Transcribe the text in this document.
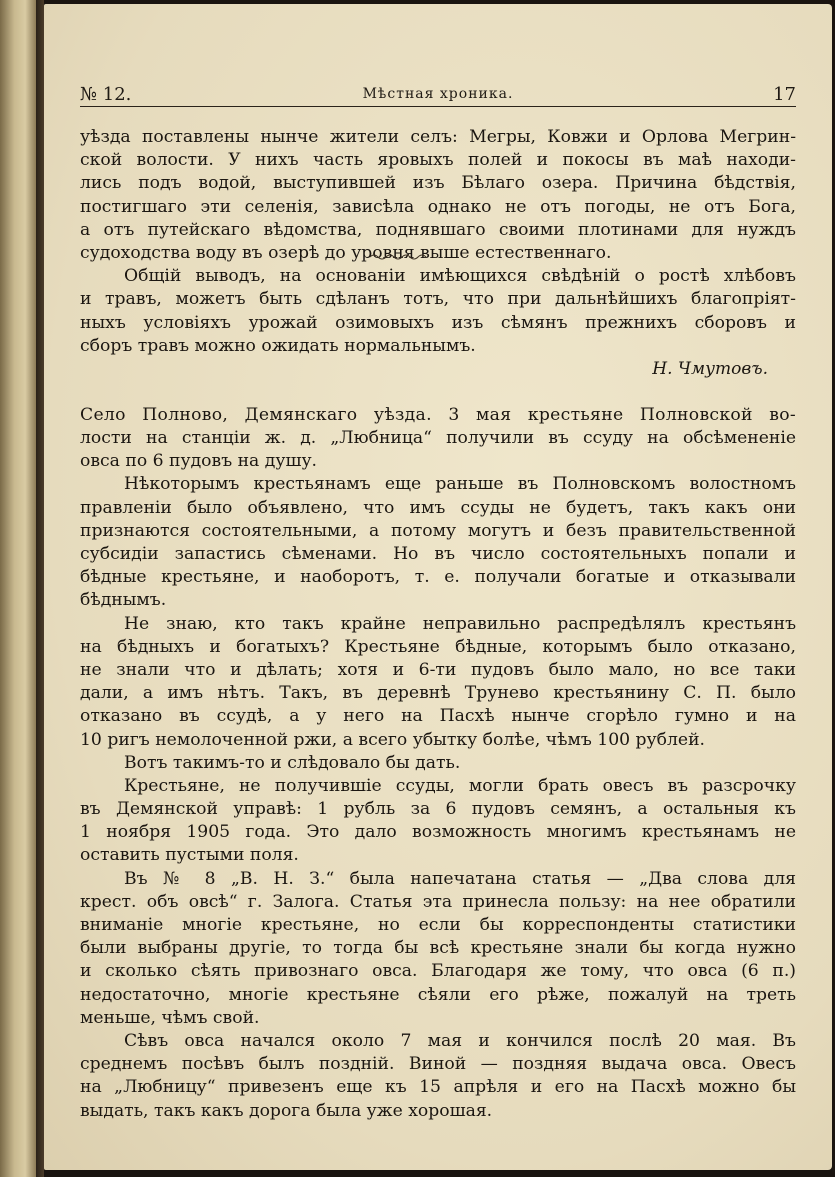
№ 12.	Мѣстная хроника.	17
уѣзда поставлены нынче жители селъ: Мегры, Ковжи и Орлова Мегрин-
ской волости. У нихъ часть яровыхъ полей и покосы въ маѣ находи-
лись подъ водой, выступившей изъ Бѣлаго озера. Причина бѣдствія,
постигшаго эти селенія, зависѣла однако не отъ погоды, не отъ Бога,
а отъ путейскаго вѣдомства, поднявшаго своими плотинами для нуждъ
судоходства воду въ озерѣ до уровня выше естественнаго.
Общій выводъ, на основаніи имѣющихся свѣдѣній о ростѣ хлѣбовъ
и травъ, можетъ быть сдѣланъ тотъ, что при дальнѣйшихъ благопріят-
ныхъ условіяхъ урожай озимовыхъ изъ сѣмянъ прежнихъ сборовъ и
сборъ травъ можно ожидать нормальнымъ.
Н. Чмутовъ.
Село Полново, Демянскаго уѣзда. 3 мая крестьяне Полновской во-
лости на станціи ж. д. „Любница“ получили въ ссуду на обсѣмененіе
овса по 6 пудовъ на душу.
Нѣкоторымъ крестьянамъ еще раньше въ Полновскомъ волостномъ
правленіи было объявлено, что имъ ссуды не будетъ, такъ какъ они
признаются состоятельными, а потому могутъ и безъ правительственной
субсидіи запастись сѣменами. Но въ число состоятельныхъ попали и
бѣдные крестьяне, и наоборотъ, т. е. получали богатые и отказывали
бѣднымъ.
Не знаю, кто такъ крайне неправильно распредѣлялъ крестьянъ
на бѣдныхъ и богатыхъ? Крестьяне бѣдные, которымъ было отказано,
не знали что и дѣлать; хотя и 6-ти пудовъ было мало, но все таки
дали, а имъ нѣтъ. Такъ, въ деревнѣ Трунево крестьянину С. П. было
отказано въ ссудѣ, а у него на Пасхѣ нынче сгорѣло гумно и на
10 ригъ немолоченной ржи, а всего убытку болѣе, чѣмъ 100 рублей.
Вотъ такимъ-то и слѣдовало бы дать.
Крестьяне, не получившіе ссуды, могли брать овесъ въ разсрочку
въ Демянской управѣ: 1 рубль за 6 пудовъ семянъ, а остальныя къ
1 ноября 1905 года. Это дало возможность многимъ крестьянамъ не
оставить пустыми поля.
Въ № 8 „В. Н. З.“ была напечатана статья — „Два слова для
крест. объ овсѣ“ г. Залога. Статья эта принесла пользу: на нее обратили
вниманіе многіе крестьяне, но если бы корреспонденты статистики
были выбраны другіе, то тогда бы всѣ крестьяне знали бы когда нужно
и сколько сѣять привознаго овса. Благодаря же тому, что овса (6 п.)
недостаточно, многіе крестьяне сѣяли его рѣже, пожалуй на треть
меньше, чѣмъ свой.
Сѣвъ овса начался около 7 мая и кончился послѣ 20 мая. Въ
среднемъ посѣвъ былъ поздній. Виной — поздняя выдача овса. Овесъ
на „Любницу“ привезенъ еще къ 15 апрѣля и его на Пасхѣ можно бы
выдать, такъ какъ дорога была уже хорошая.
